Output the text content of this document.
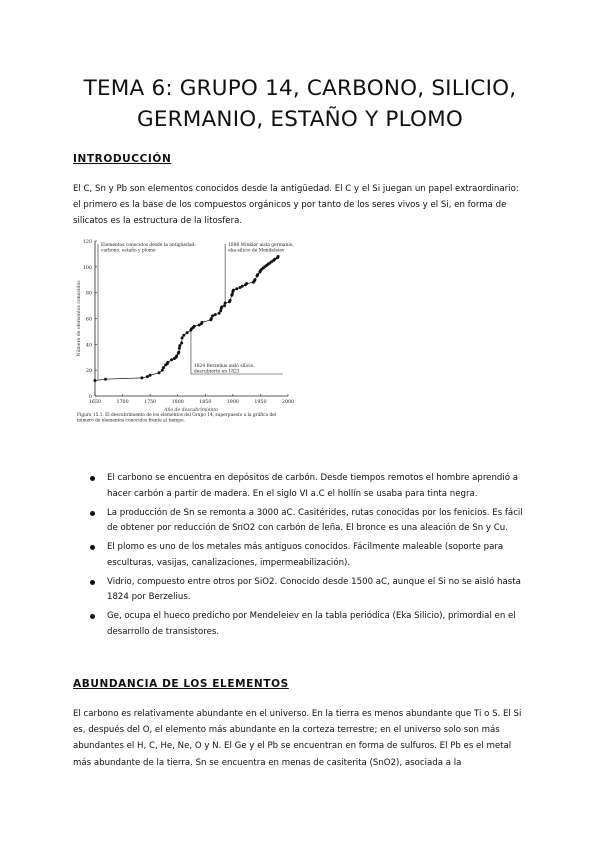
TEMA 6: GRUPO 14, CARBONO, SILICIO,
GERMANIO, ESTAÑO Y PLOMO
INTRODUCCIÓN

El C, Sn y Pb son elementos conocidos desde la antigüedad. El C y el Si juegan un papel extraordinario: el primero es la base de los compuestos orgánicos y por tanto de los seres vivos y el Si, en forma de silicatos es la estructura de la litosfera.

0
20
40
60
80
100
120
1650	1700	1750	1800	1850	1900	1950	2000
Año de descubrimiento
Número de elementos conocidos
Elementos conocidos desde la antigüedad:
carbono, estaño y plomo
1886 Winkler aisla germanio,
eka-silicio de Mendeleiev
1824 Berzelius aisló silicio,
descubierto en 1823
Figura 15.1. El descubrimiento de los elementos del Grupo 14, superpuesto a la gráfica del
número de elementos conocidos frente al tiempo.
El carbono se encuentra en depósitos de carbón. Desde tiempos remotos el hombre aprendió a hacer carbón a partir de madera. En el siglo VI a.C el hollín se usaba para tinta negra.
La producción de Sn se remonta a 3000 aC. Casitérides, rutas conocidas por los fenicios. Es fácil de obtener por reducción de SnO2 con carbón de leña. El bronce es una aleación de Sn y Cu.
El plomo es uno de los metales más antiguos conocidos. Fácilmente maleable (soporte para esculturas, vasijas, canalizaciones, impermeabilización).
Vidrio, compuesto entre otros por SiO2. Conocido desde 1500 aC, aunque el Si no se aisló hasta 1824 por Berzelius.
Ge, ocupa el hueco predicho por Mendeleiev en la tabla periódica (Eka Silicio), primordial en el desarrollo de transistores.
ABUNDANCIA DE LOS ELEMENTOS

El carbono es relativamente abundante en el universo. En la tierra es menos abundante que Ti o S. El Si es, después del O, el elemento más abundante en la corteza terrestre; en el universo solo son más abundantes el H, C, He, Ne, O y N. El Ge y el Pb se encuentran en forma de sulfuros. El Pb es el metal más abundante de la tierra. Sn se encuentra en menas de casiterita (SnO2), asociada a la
